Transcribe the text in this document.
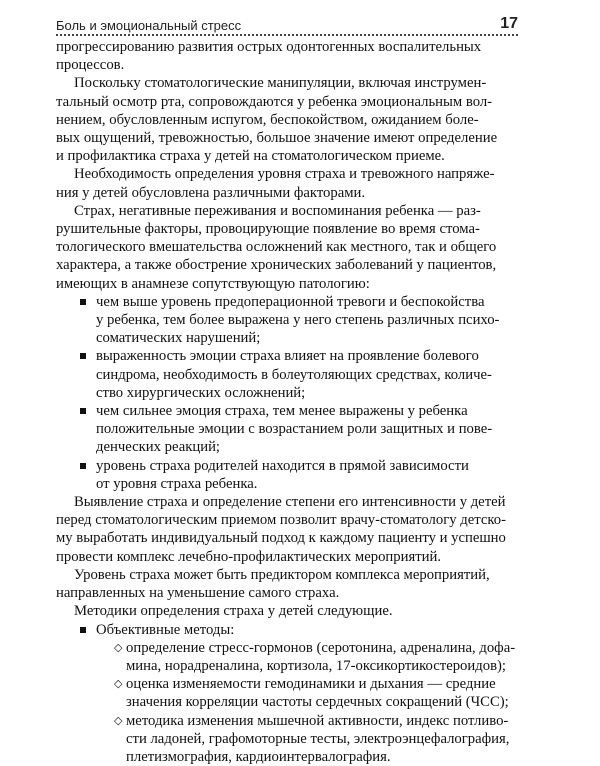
Боль и эмоциональный стресс	17

прогрессированию развития острых одонтогенных воспалительных
процессов.

Поскольку стоматологические манипуляции, включая инструмен-
тальный осмотр рта, сопровождаются у ребенка эмоциональным вол-
нением, обусловленным испугом, беспокойством, ожиданием боле-
вых ощущений, тревожностью, большое значение имеют определение
и профилактика страха у детей на стоматологическом приеме.

Необходимость определения уровня страха и тревожного напряже-
ния у детей обусловлена различными факторами.

Страх, негативные переживания и воспоминания ребенка — раз-
рушительные факторы, провоцирующие появление во время стома-
тологического вмешательства осложнений как местного, так и общего
характера, а также обострение хронических заболеваний у пациентов,
имеющих в анамнезе сопутствующую патологию:

чем выше уровень предоперационной тревоги и беспокойства
у ребенка, тем более выражена у него степень различных психо-
соматических нарушений;
выраженность эмоции страха влияет на проявление болевого
синдрома, необходимость в болеутоляющих средствах, количе-
ство хирургических осложнений;
чем сильнее эмоция страха, тем менее выражены у ребенка
положительные эмоции с возрастанием роли защитных и пове-
денческих реакций;
уровень страха родителей находится в прямой зависимости
от уровня страха ребенка.

Выявление страха и определение степени его интенсивности у детей
перед стоматологическим приемом позволит врачу-стоматологу детско-
му выработать индивидуальный подход к каждому пациенту и успешно
провести комплекс лечебно-профилактических мероприятий.

Уровень страха может быть предиктором комплекса мероприятий,
направленных на уменьшение самого страха.

Методики определения страха у детей следующие.

Объективные методы:
◇ определение стресс-гормонов (серотонина, адреналина, дофа-
мина, норадреналина, кортизола, 17-оксикортикостероидов);
◇ оценка изменяемости гемодинамики и дыхания — средние
значения корреляции частоты сердечных сокращений (ЧСС);
◇ методика изменения мышечной активности, индекс потливо-
сти ладоней, графомоторные тесты, электроэнцефалография,
плетизмография, кардиоинтервалография.
